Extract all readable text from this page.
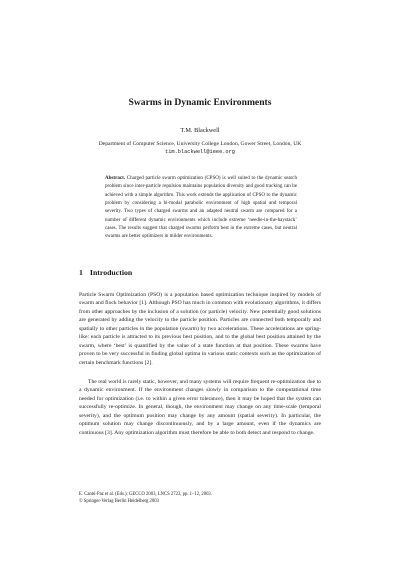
Swarms in Dynamic Environments

T.M. Blackwell

Department of Computer Science, University College London, Gower Street, London, UK
tim.blackwell@ieee.org

Abstract. Charged particle swarm optimization (CPSO) is well suited to the dynamic search problem since inter-particle repulsion maintains population diversity and good tracking can be achieved with a simple algorithm. This work extends the application of CPSO to the dynamic problem by considering a bi-modal parabolic environment of high spatial and temporal severity. Two types of charged swarms and an adapted neutral swarm are compared for a number of different dynamic environments which include extreme ‘needle-in-the-haystack’ cases. The results suggest that charged swarms perform best in the extreme cases, but neutral swarms are better optimizers in milder environments.

1 Introduction

Particle Swarm Optimization (PSO) is a population based optimization technique inspired by models of swarm and flock behavior [1]. Although PSO has much in common with evolutionary algorithms, it differs from other approaches by the inclusion of a solution (or particle) velocity. New potentially good solutions are generated by adding the velocity to the particle position. Particles are connected both temporally and spatially to other particles in the population (swarm) by two accelerations. These accelerations are spring-like: each particle is attracted to its previous best position, and to the global best position attained by the swarm, where ‘best’ is quantified by the value of a state function at that position. These swarms have proven to be very successful in finding global optima in various static contexts such as the optimization of certain benchmark functions [2].

The real world is rarely static, however, and many systems will require frequent re-optimization due to a dynamic environment. If the environment changes slowly in comparison to the computational time needed for optimization (i.e. to within a given error tolerance), then it may be hoped that the system can successfully re-optimize. In general, though, the environment may change on any time-scale (temporal severity), and the optimum position may change by any amount (spatial severity). In particular, the optimum solution may change discontinuously, and by a large amount, even if the dynamics are continuous [3]. Any optimization algorithm must therefore be able to both detect and respond to change.

E. Cantú-Paz et al. (Eds.): GECCO 2003, LNCS 2723, pp. 1–12, 2003.
© Springer-Verlag Berlin Heidelberg 2003
